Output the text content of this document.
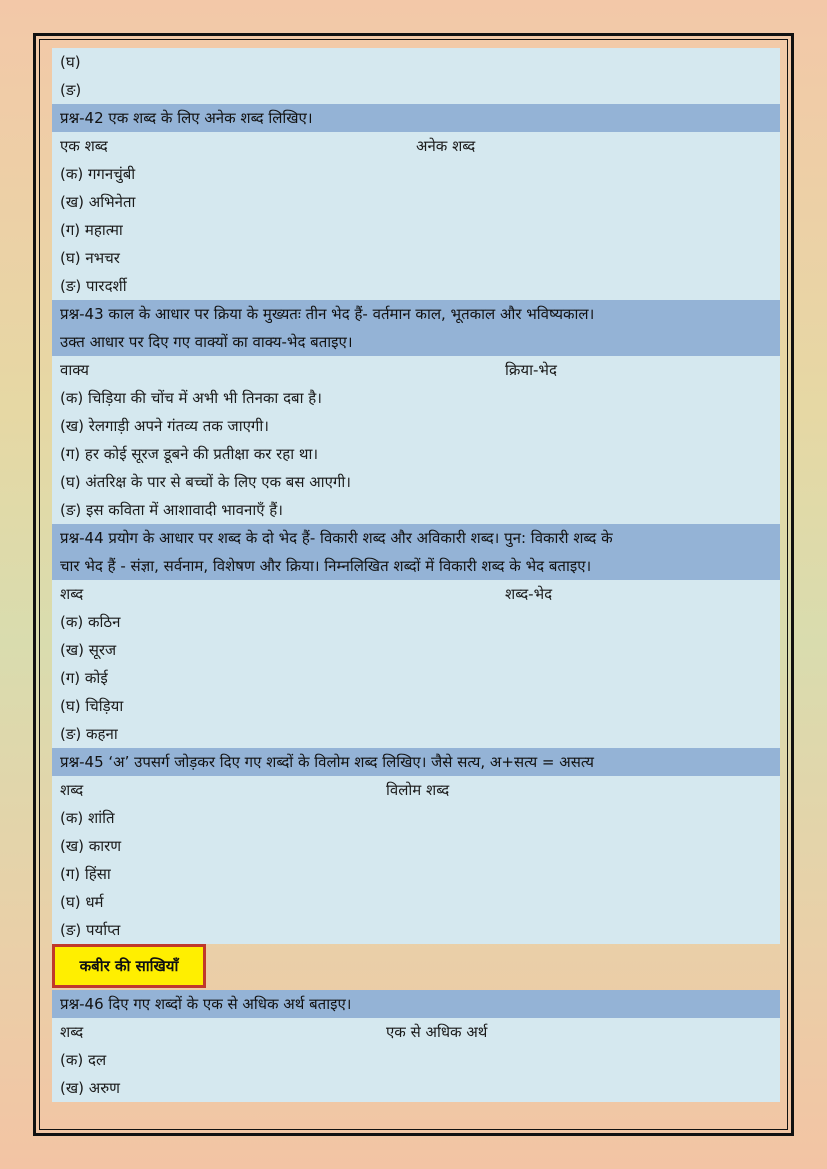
(घ)
(ङ)
प्रश्न-42 एक शब्द के लिए अनेक शब्द लिखिए।
एक शब्द	अनेक शब्द
(क) गगनचुंबी
(ख) अभिनेता
(ग) महात्मा
(घ) नभचर
(ङ) पारदर्शी
प्रश्न-43 काल के आधार पर क्रिया के मुख्यतः तीन भेद हैं- वर्तमान काल, भूतकाल और भविष्यकाल।
उक्त आधार पर दिए गए वाक्यों का वाक्य-भेद बताइए।
वाक्य	क्रिया-भेद
(क) चिड़िया की चोंच में अभी भी तिनका दबा है।
(ख) रेलगाड़ी अपने गंतव्य तक जाएगी।
(ग) हर कोई सूरज डूबने की प्रतीक्षा कर रहा था।
(घ) अंतरिक्ष के पार से बच्चों के लिए एक बस आएगी।
(ङ) इस कविता में आशावादी भावनाएँ हैं।
प्रश्न-44 प्रयोग के आधार पर शब्द के दो भेद हैं- विकारी शब्द और अविकारी शब्द। पुन: विकारी शब्द के
चार भेद हैं - संज्ञा, सर्वनाम, विशेषण और क्रिया। निम्नलिखित शब्दों में विकारी शब्द के भेद बताइए।
शब्द	शब्द-भेद
(क) कठिन
(ख) सूरज
(ग) कोई
(घ) चिड़िया
(ङ) कहना
प्रश्न-45 ‘अ’ उपसर्ग जोड़कर दिए गए शब्दों के विलोम शब्द लिखिए। जैसे सत्य, अ+सत्य = असत्य
शब्द	विलोम शब्द
(क) शांति
(ख) कारण
(ग) हिंसा
(घ) धर्म
(ङ) पर्याप्त
कबीर की साखियाँ
प्रश्न-46 दिए गए शब्दों के एक से अधिक अर्थ बताइए।
शब्द	एक से अधिक अर्थ
(क) दल
(ख) अरुण
